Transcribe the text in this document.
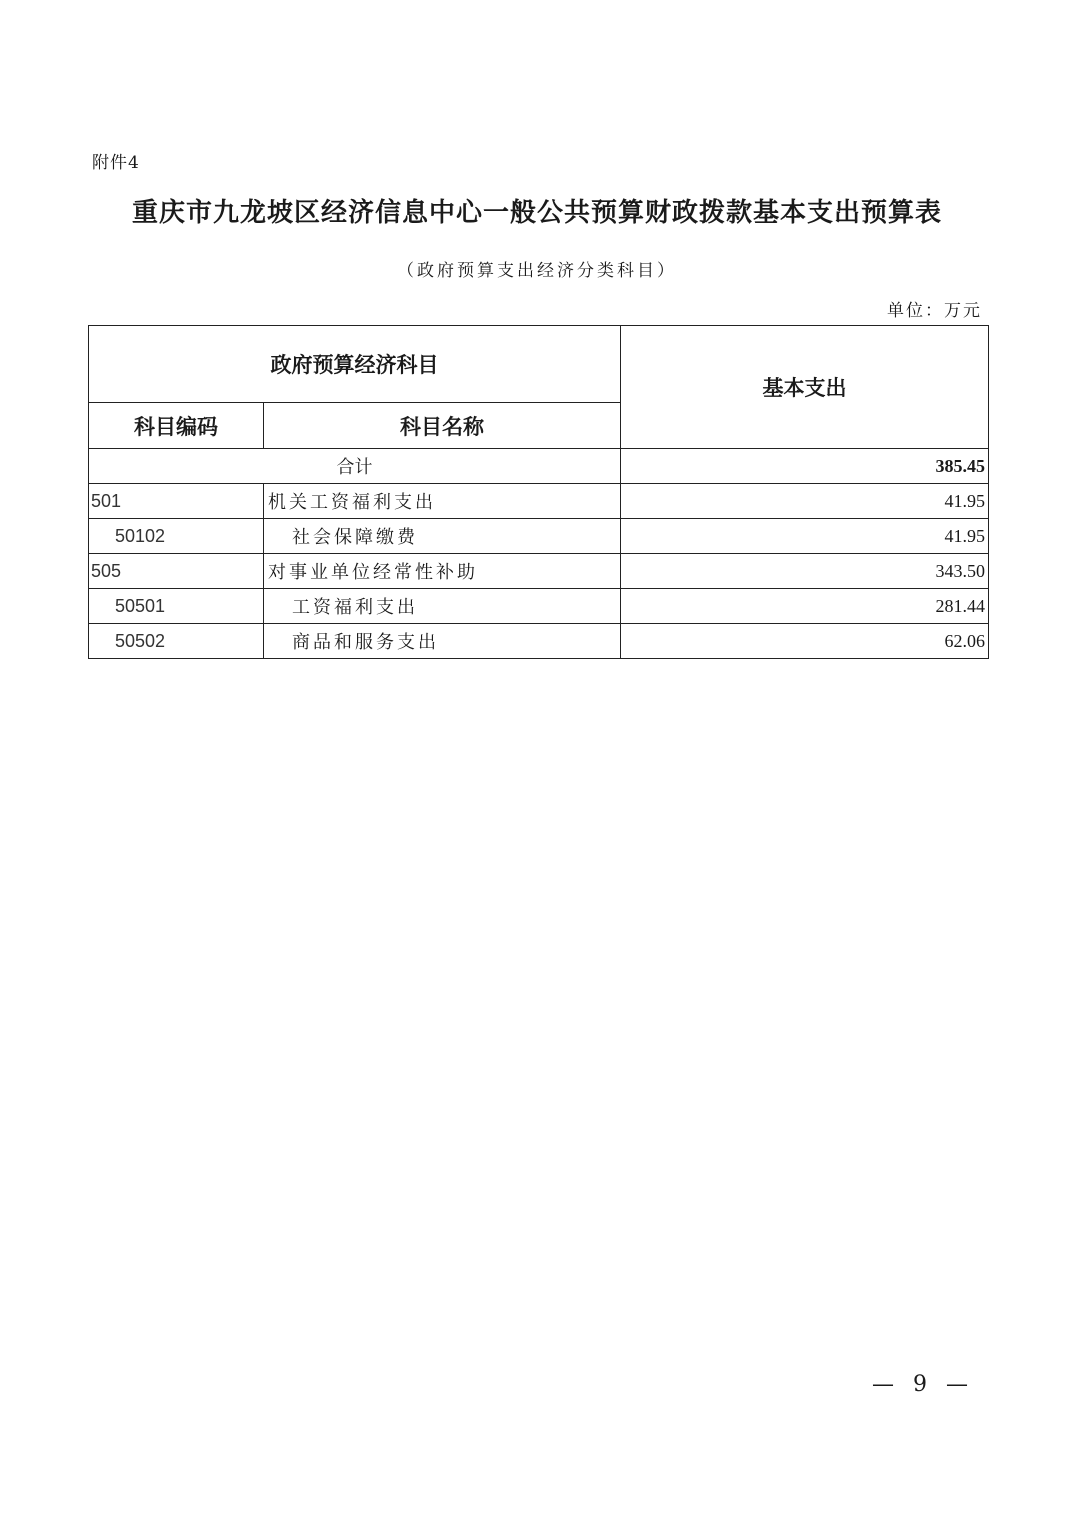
附件4
重庆市九龙坡区经济信息中心一般公共预算财政拨款基本支出预算表
（政府预算支出经济分类科目）
单位：万元
政府预算经济科目		基本支出
科目编码	科目名称	
合计		385.45
501	机关工资福利支出	41.95
50102	社会保障缴费	41.95
505	对事业单位经常性补助	343.50
50501	工资福利支出	281.44
50502	商品和服务支出	62.06
— 9 —
